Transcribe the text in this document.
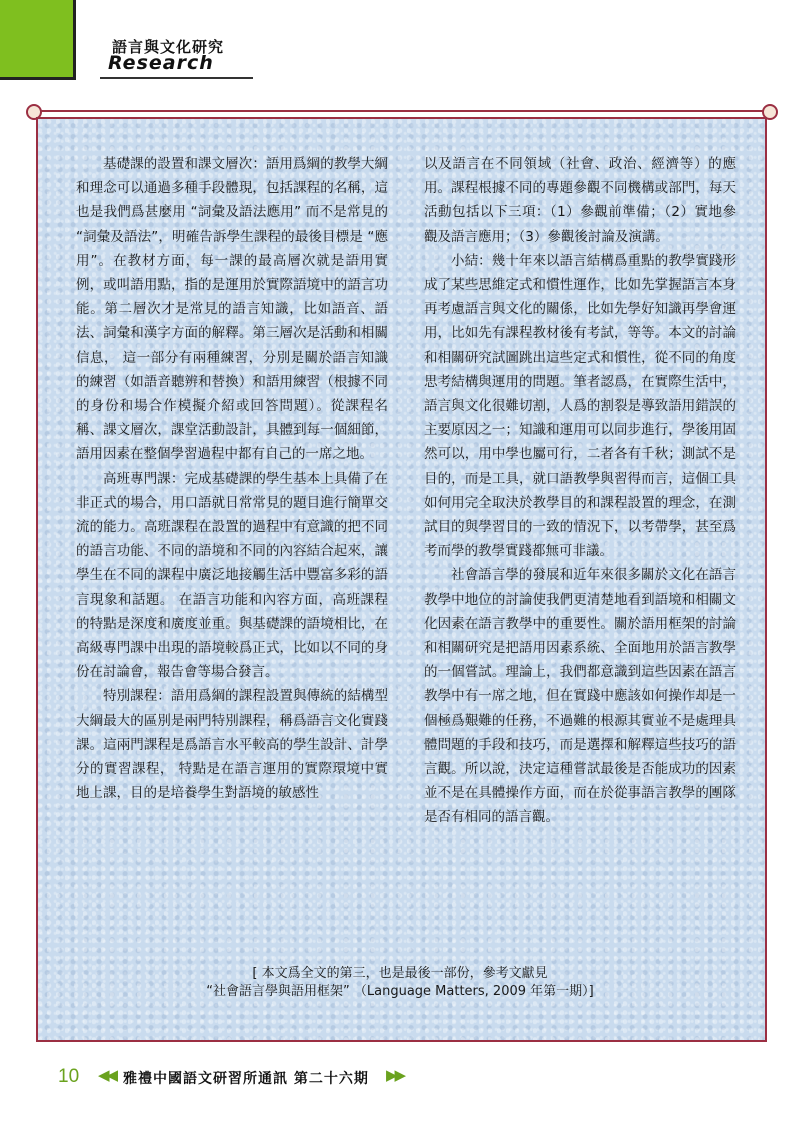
語言與文化研究
Research

基礎課的設置和課文層次：語用爲綱的教學大綱和理念可以通過多種手段體現，包括課程的名稱，這也是我們爲甚麼用 “詞彙及語法應用” 而不是常見的 “詞彙及語法”，明確告訴學生課程的最後目標是 “應用”。在教材方面，每一課的最高層次就是語用實例，或叫語用點，指的是運用於實際語境中的語言功能。第二層次才是常見的語言知識，比如語音、語法、詞彙和漢字方面的解釋。第三層次是活動和相關信息， 這一部分有兩種練習，分別是關於語言知識的練習（如語音聽辨和替換）和語用練習（根據不同的身份和場合作模擬介紹或回答問題）。從課程名稱、課文層次，課堂活動設計，具體到每一個細節，語用因素在整個學習過程中都有自己的一席之地。

高班專門課：完成基礎課的學生基本上具備了在非正式的場合，用口語就日常常見的題目進行簡單交流的能力。高班課程在設置的過程中有意識的把不同的語言功能、不同的語境和不同的內容結合起來，讓學生在不同的課程中廣泛地接觸生活中豐富多彩的語言現象和話題。 在語言功能和內容方面，高班課程的特點是深度和廣度並重。與基礎課的語境相比，在高級專門課中出現的語境較爲正式，比如以不同的身份在討論會，報告會等場合發言。

特別課程：語用爲綱的課程設置與傳統的結構型大綱最大的區別是兩門特別課程，稱爲語言文化實踐課。這兩門課程是爲語言水平較高的學生設計、計學分的實習課程， 特點是在語言運用的實際環境中實地上課，目的是培養學生對語境的敏感性

以及語言在不同領域（社會、政治、經濟等）的應用。課程根據不同的專題參觀不同機構或部門，每天活動包括以下三項：（1）參觀前準備；（2）實地參觀及語言應用；（3）參觀後討論及演講。

小結：幾十年來以語言結構爲重點的教學實踐形成了某些思維定式和慣性運作，比如先掌握語言本身再考慮語言與文化的關係，比如先學好知識再學會運用，比如先有課程教材後有考試，等等。本文的討論和相關研究試圖跳出這些定式和慣性，從不同的角度思考結構與運用的問題。筆者認爲，在實際生活中，語言與文化很難切割，人爲的割裂是導致語用錯誤的主要原因之一；知識和運用可以同步進行，學後用固然可以，用中學也屬可行，二者各有千秋；測試不是目的，而是工具，就口語教學與習得而言，這個工具如何用完全取決於教學目的和課程設置的理念，在測試目的與學習目的一致的情況下，以考帶學，甚至爲考而學的教學實踐都無可非議。

社會語言學的發展和近年來很多關於文化在語言教學中地位的討論使我們更清楚地看到語境和相關文化因素在語言教學中的重要性。關於語用框架的討論和相關研究是把語用因素系統、全面地用於語言教學的一個嘗試。理論上，我們都意識到這些因素在語言教學中有一席之地，但在實踐中應該如何操作却是一個極爲艱難的任務，不過難的根源其實並不是處理具體問題的手段和技巧，而是選擇和解釋這些技巧的語言觀。所以說，決定這種嘗試最後是否能成功的因素並不是在具體操作方面，而在於從事語言教學的團隊是否有相同的語言觀。

[ 本文爲全文的第三，也是最後一部份，參考文獻見
“社會語言學與語用框架” （Language Matters, 2009 年第一期）]
10 ◀◀ 雅禮中國語文研習所通訊 第二十六期 ▶▶
